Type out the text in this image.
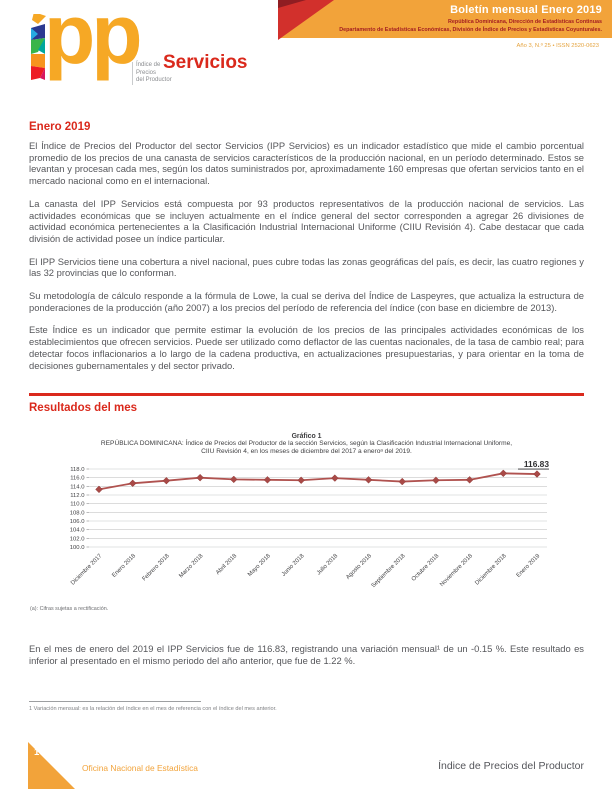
pp
Índice de
Precios
del Productor
Servicios
Boletín mensual Enero 2019
República Dominicana, Dirección de Estadísticas Continuas
Departamento de Estadísticas Económicas, División de Índice de Precios y Estadísticas Coyunturales.
Año 3, N.º 25 • ISSN 2520-0623
Enero 2019

El Índice de Precios del Productor del sector Servicios (IPP Servicios) es un indicador estadístico que mide el cambio porcentual promedio de los precios de una canasta de servicios característicos de la producción nacional, en un período determinado. Estos se levantan y procesan cada mes, según los datos suministrados por, aproximadamente 160 empresas que ofertan servicios tanto en el mercado nacional como en el internacional.

La canasta del IPP Servicios está compuesta por 93 productos representativos de la producción nacional de servicios. Las actividades económicas que se incluyen actualmente en el índice general del sector corresponden a agregar 26 divisiones de actividad económica pertenecientes a la Clasificación Industrial Internacional Uniforme (CIIU Revisión 4). Cabe destacar que cada división de actividad posee un índice particular.

El IPP Servicios tiene una cobertura a nivel nacional, pues cubre todas las zonas geográficas del país, es decir, las cuatro regiones y las 32 provincias que lo conforman.

Su metodología de cálculo responde a la fórmula de Lowe, la cual se deriva del Índice de Laspeyres, que actualiza la estructura de ponderaciones de la producción (año 2007) a los precios del período de referencia del índice (con base en diciembre de 2013).

Este Índice es un indicador que permite estimar la evolución de los precios de las principales actividades económicas de los establecimientos que ofrecen servicios. Puede ser utilizado como deflactor de las cuentas nacionales, de la tasa de cambio real; para detectar focos inflacionarios a lo largo de la cadena productiva, en actualizaciones presupuestarias, y para orientar en la toma de decisiones gubernamentales y del sector privado.

Resultados del mes
Gráfico 1
REPÚBLICA DOMINICANA: Índice de Precios del Productor de la sección Servicios, según la Clasificación Industrial Internacional Uniforme,
CIIU Revisión 4, en los meses de diciembre del 2017 a eneroᵃ del 2019.
100.0
102.0
104.0
106.0
108.0
110.0
112.0
114.0
116.0
118.0
Diciembre 2017 Enero 2018 Febrero 2018 Marzo 2018 Abril 2018 Mayo 2018 Junio 2018 Julio 2018 Agosto 2018
Septiembre 2018 Octubre 2018
Noviembre 2018 Diciembre 2018 Enero 2019
116.83
(a): Cifras sujetas a rectificación.

En el mes de enero del 2019 el IPP Servicios fue de 116.83, registrando una variación mensual¹ de un -0.15 %. Este resultado es inferior al presentado en el mismo periodo del año anterior, que fue de 1.22 %.

1 Variación mensual: es la relación del índice en el mes de referencia con el índice del mes anterior.
1
Oficina Nacional de Estadística	Índice de Precios del Productor
